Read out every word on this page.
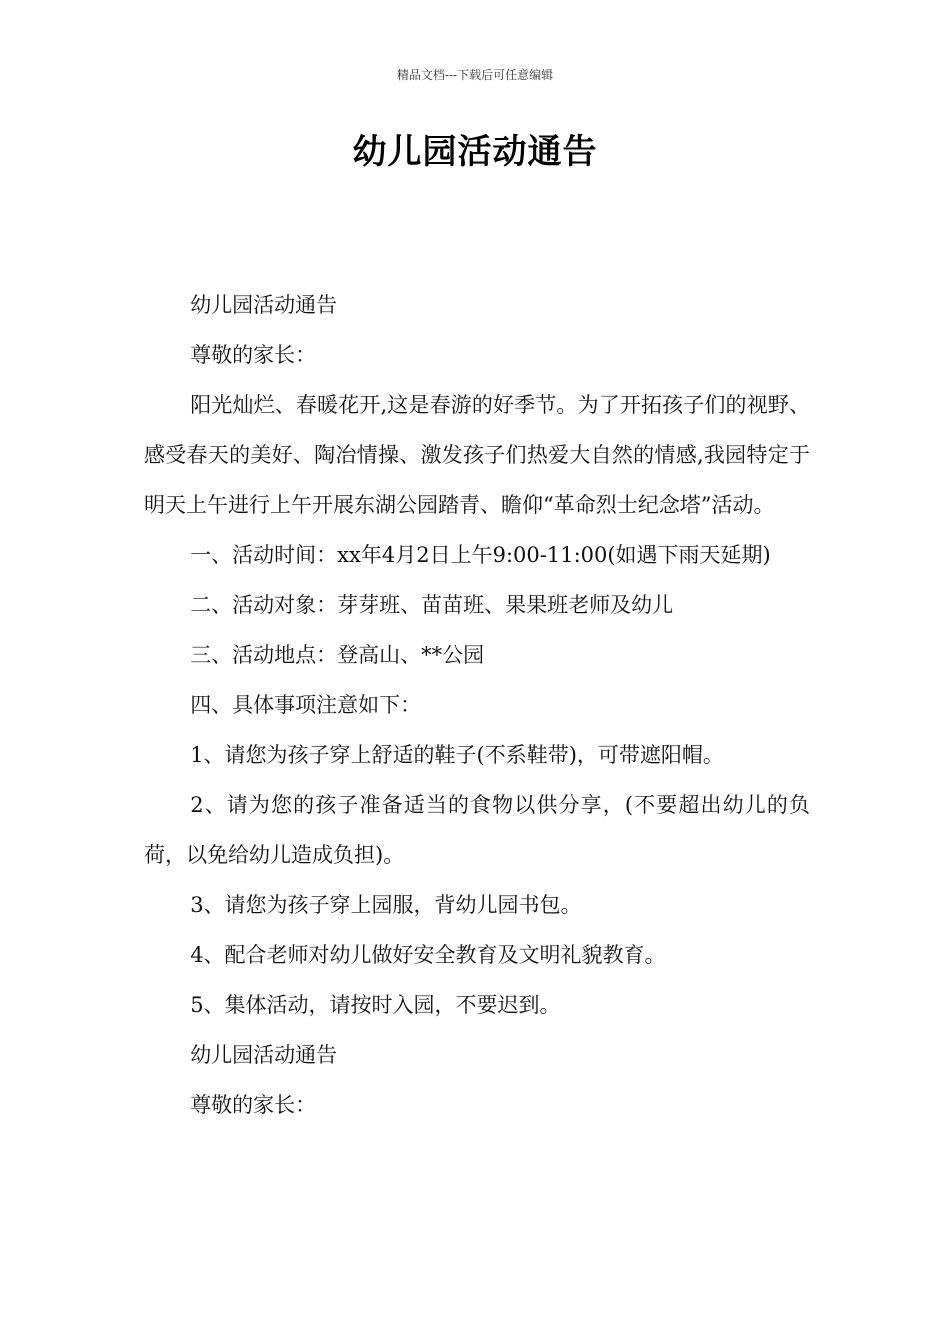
精品文档---下载后可任意编辑
幼儿园活动通告

幼儿园活动通告

尊敬的家长：

阳光灿烂、春暖花开,这是春游的好季节。为了开拓孩子们的视野、感受春天的美好、陶冶情操、激发孩子们热爱大自然的情感,我园特定于明天上午进行上午开展东湖公园踏青、瞻仰“革命烈士纪念塔”活动。

一、活动时间：xx年4月2日上午9:00-11:00(如遇下雨天延期)

二、活动对象：芽芽班、苗苗班、果果班老师及幼儿

三、活动地点：登高山、**公园

四、具体事项注意如下：

1、请您为孩子穿上舒适的鞋子(不系鞋带)，可带遮阳帽。

2、请为您的孩子准备适当的食物以供分享，(不要超出幼儿的负荷，以免给幼儿造成负担)。

3、请您为孩子穿上园服，背幼儿园书包。

4、配合老师对幼儿做好安全教育及文明礼貌教育。

5、集体活动，请按时入园，不要迟到。

幼儿园活动通告

尊敬的家长：
